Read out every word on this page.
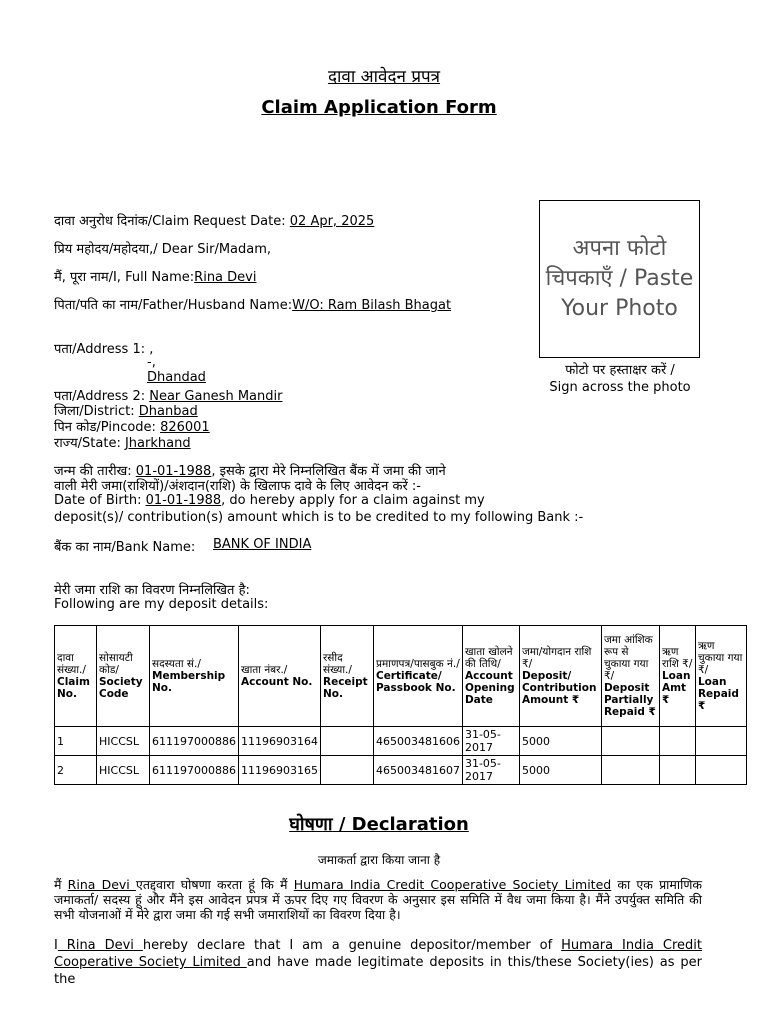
दावा आवेदन प्रपत्र
Claim Application Form
दावा अनुरोध दिनांक/Claim Request Date: 02 Apr, 2025
प्रिय महोदय/महोदया,/ Dear Sir/Madam,
मैं, पूरा नाम/I, Full Name:Rina Devi
पिता/पति का नाम/Father/Husband Name:W/O: Ram Bilash Bhagat
पता/Address 1: ,
-,
Dhandad
पता/Address 2: Near Ganesh Mandir
जिला/District: Dhanbad
पिन कोड/Pincode: 826001
राज्य/State: Jharkhand
अपना फोटो चिपकाएँ / Paste Your Photo
फोटो पर हस्ताक्षर करें /
Sign across the photo
जन्म की तारीख: 01-01-1988, इसके द्वारा मेरे निम्नलिखित बैंक में जमा की जाने
वाली मेरी जमा(राशियों)/अंशदान(राशि) के खिलाफ दावे के लिए आवेदन करें :-
Date of Birth: 01-01-1988, do hereby apply for a claim against my
deposit(s)/ contribution(s) amount which is to be credited to my following Bank :-
बैंक का नाम/Bank Name: BANK OF INDIA
मेरी जमा राशि का विवरण निम्नलिखित है:
Following are my deposit details:
दावा संख्या./
Claim No.	सोसायटी कोड/
Society Code	सदस्यता सं./
Membership No.	खाता नंबर./
Account No.	रसीद संख्या./
Receipt No.	प्रमाणपत्र/पासबुक नं./
Certificate/ Passbook No.	खाता खोलने की तिथि/
Account Opening Date	जमा/योगदान राशि ₹/
Deposit/ Contribution Amount ₹	जमा आंशिक रूप से चुकाया गया ₹/
Deposit Partially Repaid ₹	ऋण राशि ₹/
Loan Amt ₹	ऋण चुकाया गया ₹/
Loan Repaid ₹
1	HICCSL	611197000886	11196903164		465003481606	31-05-2017	5000			
2	HICCSL	611197000886	11196903165		465003481607	31-05-2017	5000			
घोषणा / Declaration
जमाकर्ता द्वारा किया जाना है
मैं Rina Devi एतद्द्वारा घोषणा करता हूं कि मैं Humara India Credit Cooperative Society Limited का एक प्रामाणिक जमाकर्ता/ सदस्य हूं और मैंने इस आवेदन प्रपत्र में ऊपर दिए गए विवरण के अनुसार इस समिति में वैध जमा किया है। मैंने उपर्युक्त समिति की सभी योजनाओं में मेरे द्वारा जमा की गई सभी जमाराशियों का विवरण दिया है।
I Rina Devi hereby declare that I am a genuine depositor/member of Humara India Credit Cooperative Society Limited and have made legitimate deposits in this/these Society(ies) as per the
